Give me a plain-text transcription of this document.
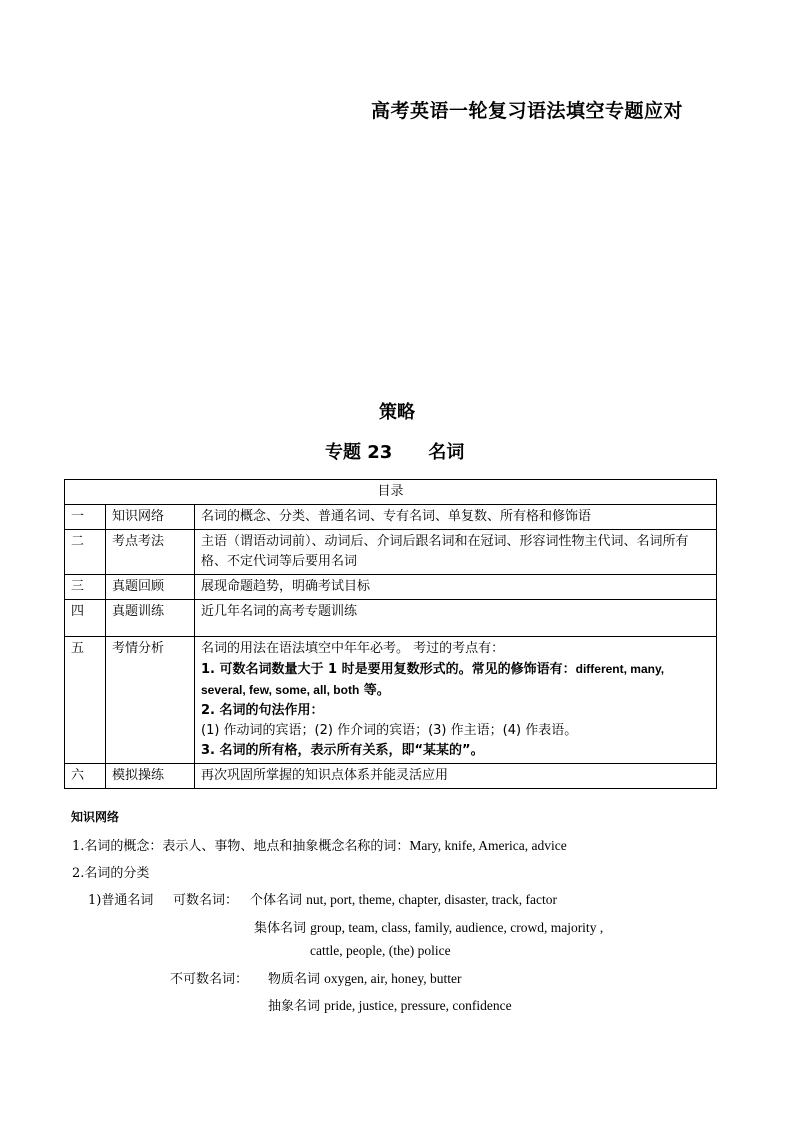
高考英语一轮复习语法填空专题应对
策略
专题 23 名词
目录		
一	知识网络	名词的概念、分类、普通名词、专有名词、单复数、所有格和修饰语
二	考点考法	主语（谓语动词前）、动词后、介词后跟名词和在冠词、形容词性物主代词、名词所有格、不定代词等后要用名词
三	真题回顾	展现命题趋势，明确考试目标
四	真题训练	近几年名词的高考专题训练
五	考情分析	名词的用法在语法填空中年年必考。 考过的考点有：
1. 可数名词数量大于 1 时是要用复数形式的。常见的修饰语有：different, many, several, few, some, all, both 等。
2. 名词的句法作用：
(1) 作动词的宾语；(2) 作介词的宾语；(3) 作主语；(4) 作表语。
3. 名词的所有格，表示所有关系，即“某某的”。

六	模拟操练	再次巩固所掌握的知识点体系并能灵活应用
知识网络
1.名词的概念：表示人、事物、地点和抽象概念名称的词：Mary, knife, America, advice
2.名词的分类
1)普通名词 可数名词： 个体名词 nut, port, theme, chapter, disaster, track, factor
集体名词 group, team, class, family, audience, crowd, majority ,
cattle, people, (the) police
不可数名词： 物质名词 oxygen, air, honey, butter
抽象名词 pride, justice, pressure, confidence
